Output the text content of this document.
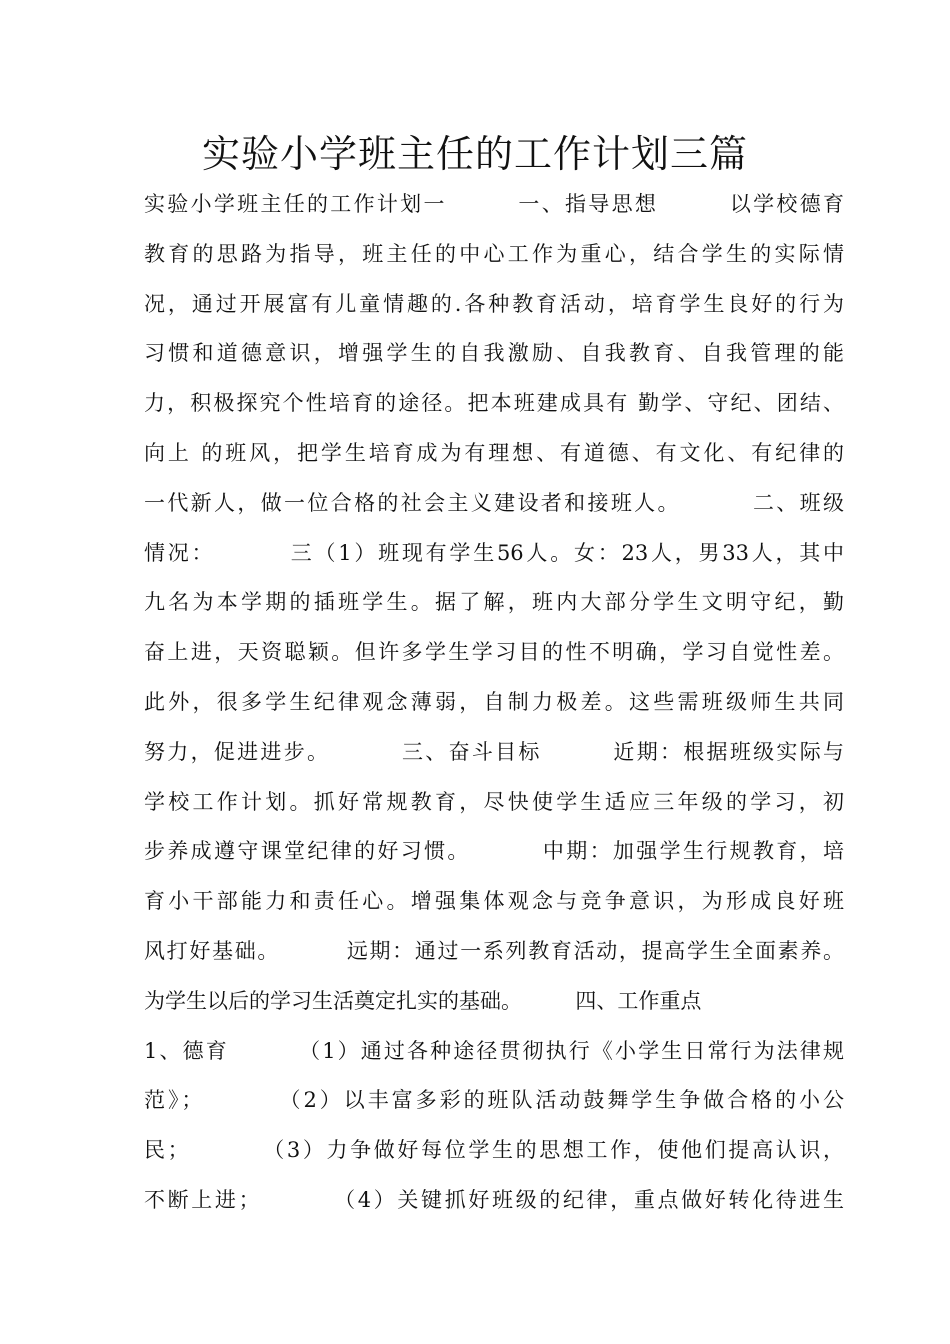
实验小学班主任的工作计划三篇
实验小学班主任的工作计划一        一、指导思想        以学校德育
教育的思路为指导，班主任的中心工作为重心，结合学生的实际情
况，通过开展富有儿童情趣的.各种教育活动，培育学生良好的行为
习惯和道德意识，增强学生的自我激励、自我教育、自我管理的能
力，积极探究个性培育的途径。把本班建成具有 勤学、守纪、团结、
向上 的班风，把学生培育成为有理想、有道德、有文化、有纪律的
一代新人，做一位合格的社会主义建设者和接班人。        二、班级
情况：        三（1）班现有学生56人。女：23人，男33人，其中
九名为本学期的插班学生。据了解，班内大部分学生文明守纪，勤
奋上进，天资聪颖。但许多学生学习目的性不明确，学习自觉性差。
此外，很多学生纪律观念薄弱，自制力极差。这些需班级师生共同
努力，促进进步。        三、奋斗目标        近期：根据班级实际与
学校工作计划。抓好常规教育，尽快使学生适应三年级的学习，初
步养成遵守课堂纪律的好习惯。        中期：加强学生行规教育，培
育小干部能力和责任心。增强集体观念与竞争意识，为形成良好班
风打好基础。        远期：通过一系列教育活动，提高学生全面素养。
为学生以后的学习生活奠定扎实的基础。        四、工作重点
1、德育        （1）通过各种途径贯彻执行《小学生日常行为法律规
范》；        （2）以丰富多彩的班队活动鼓舞学生争做合格的小公
民；        （3）力争做好每位学生的思想工作，使他们提高认识，
不断上进；        （4）关键抓好班级的纪律，重点做好转化待进生
